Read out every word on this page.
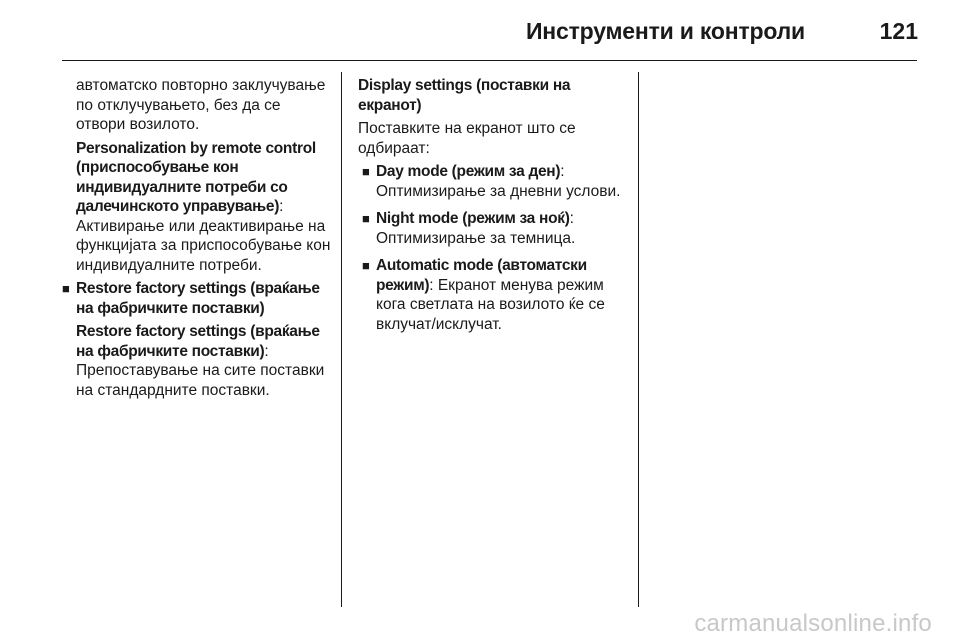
Инструменти и контроли	121

автоматско повторно заклучување по отклучувањето, без да се отвори возилото.

Personalization by remote control (приспособување кон индивидуалните потреби со далечинското управување): Активирање или деактивирање на функцијата за приспособување кон индивидуалните потреби.

■ Restore factory settings (враќање на фабричките поставки)

Restore factory settings (враќање на фабричките поставки): Препоставување на сите поставки на стандардните поставки.

Display settings (поставки на екранот)

Поставките на екранот што се одбираат:

■ Day mode (режим за ден): Оптимизирање за дневни услови.

■ Night mode (режим за ноќ): Оптимизирање за темница.

■ Automatic mode (автоматски режим): Екранот менува режим кога светлата на возилото ќе се вклучат/исклучат.

carmanualsonline.info
